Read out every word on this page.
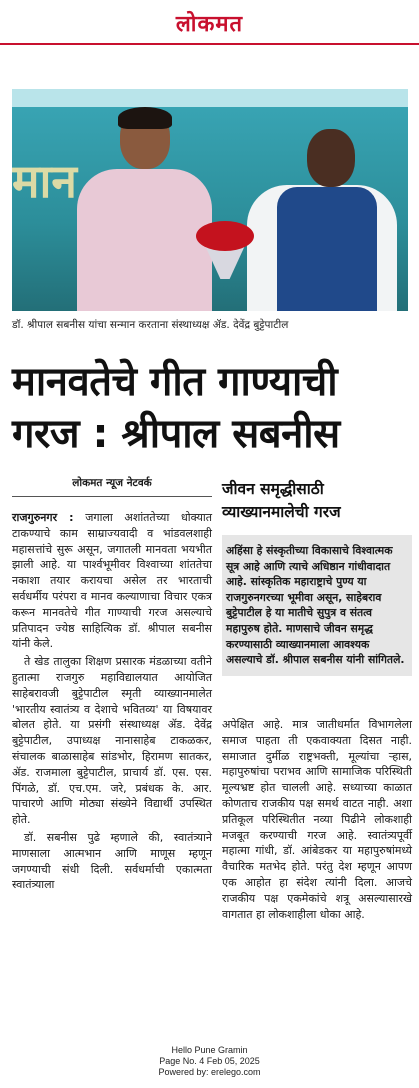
लोकमत
मान
डॉ. श्रीपाल सबनीस यांचा सन्मान करताना संस्थाध्यक्ष ॲड. देवेंद्र बुट्टेपाटील
मानवतेचे गीत गाण्याची गरज : श्रीपाल सबनीस
लोकमत न्यूज नेटवर्क

राजगुरुनगर : जगाला अशांततेच्या धोक्यात टाकण्याचे काम साम्राज्यवादी व भांडवलशाही महासत्तांचे सुरू असून, जगातली मानवता भयभीत झाली आहे. या पार्श्वभूमीवर विश्वाच्या शांततेचा नकाशा तयार करायचा असेल तर भारताची सर्वधर्मीय परंपरा व मानव कल्याणाचा विचार एकत्र करून मानवतेचे गीत गाण्याची गरज असल्याचे प्रतिपादन ज्येष्ठ साहित्यिक डॉ. श्रीपाल सबनीस यांनी केले.

ते खेड तालुका शिक्षण प्रसारक मंडळाच्या वतीने हुतात्मा राजगुरु महाविद्यालयात आयोजित साहेबरावजी बुट्टेपाटील स्मृती व्याख्यानमालेत 'भारतीय स्वातंत्र्य व देशाचे भवितव्य' या विषयावर बोलत होते. या प्रसंगी संस्थाध्यक्ष ॲड. देवेंद्र बुट्टेपाटील, उपाध्यक्ष नानासाहेब टाकळकर, संचालक बाळासाहेब सांडभोर, हिरामण सातकर, ॲड. राजमाला बुट्टेपाटील, प्राचार्य डॉ. एस. एस. पिंगळे, डॉ. एच.एम. जरे, प्रबंधक के. आर. पाचारणे आणि मोठ्या संख्येने विद्यार्थी उपस्थित होते.

डॉ. सबनीस पुढे म्हणाले की, स्वातंत्र्याने माणसाला आत्मभान आणि माणूस म्हणून जगण्याची संधी दिली. सर्वधर्माची एकात्मता स्वातंत्र्याला

जीवन समृद्धीसाठी व्याख्यानमालेची गरज
अहिंसा हे संस्कृतीच्या विकासाचे विश्वात्मक सूत्र आहे आणि त्याचे अधिष्ठान गांधीवादात आहे. सांस्कृतिक महाराष्ट्राचे पुण्य या राजगुरुनगरच्या भूमीवा असून, साहेबराव बुट्टेपाटील हे या मातीचे सुपुत्र व संतत्व महापुरुष होते. माणसाचे जीवन समृद्ध करण्यासाठी व्याख्यानमाला आवश्यक असल्याचे डॉ. श्रीपाल सबनीस यांनी सांगितले.
अपेक्षित आहे. मात्र जातीधर्मात विभागलेला समाज पाहता ती एकवाक्यता दिसत नाही. समाजात दुर्मीळ राष्ट्रभक्ती, मूल्यांचा ऱ्हास, महापुरुषांचा पराभव आणि सामाजिक परिस्थिती मूल्यभ्रष्ट होत चालली आहे. सध्याच्या काळात कोणताच राजकीय पक्ष समर्थ वाटत नाही. अशा प्रतिकूल परिस्थितीत नव्या पिढीने लोकशाही मजबूत करण्याची गरज आहे. स्वातंत्र्यपूर्वी महात्मा गांधी, डॉ. आंबेडकर या महापुरुषांमध्ये वैचारिक मतभेद होते. परंतु देश म्हणून आपण एक आहोत हा संदेश त्यांनी दिला. आजचे राजकीय पक्ष एकमेकांचे शत्रू असल्यासारखे वागतात हा लोकशाहीला धोका आहे.
Hello Pune Gramin
Page No. 4 Feb 05, 2025
Powered by: erelego.com
